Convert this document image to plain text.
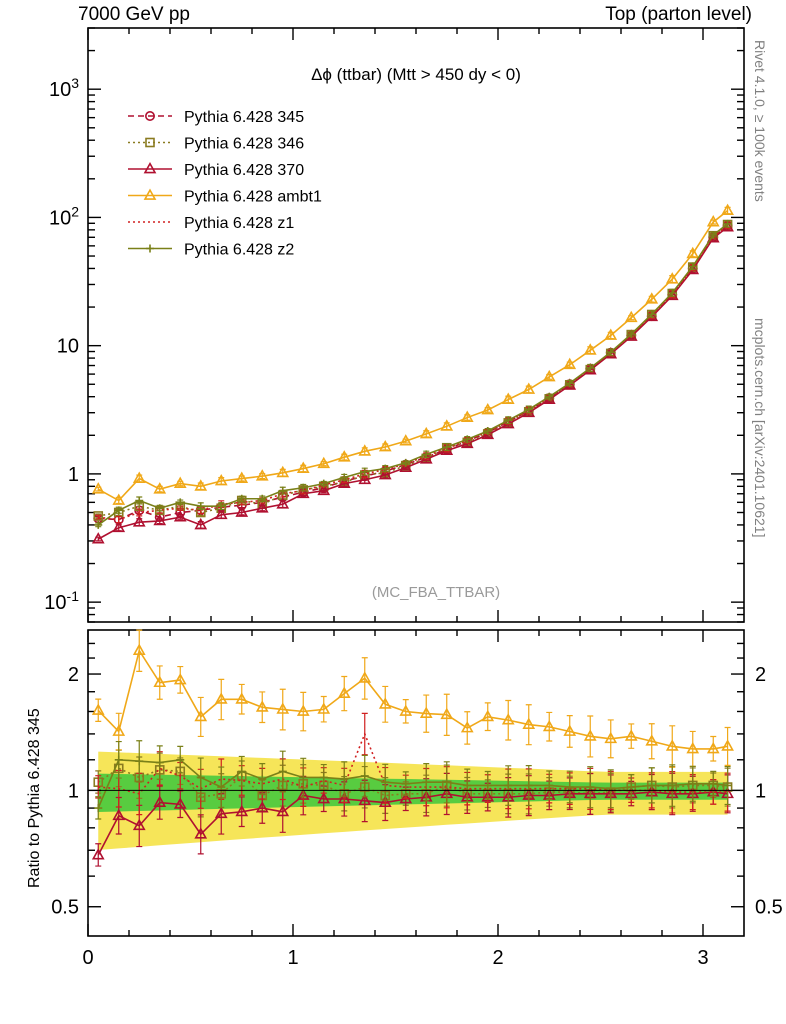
7000 GeV pp	Top (parton level)
Rivet 4.1.0, ≥ 100k events
mcplots.cern.ch [arXiv:2401.10621]
Ratio to Pythia 6.428 345
$10^{-1}$
1
10
$10^2$
$10^3$
0.5	0.5
1	1
2	2
0	1	2	3
Δϕ (ttbar) (Mtt > 450 dy < 0)
(MC_FBA_TTBAR)
Pythia 6.428 345
Pythia 6.428 346
Pythia 6.428 370
Pythia 6.428 ambt1
Pythia 6.428 z1
Pythia 6.428 z2
